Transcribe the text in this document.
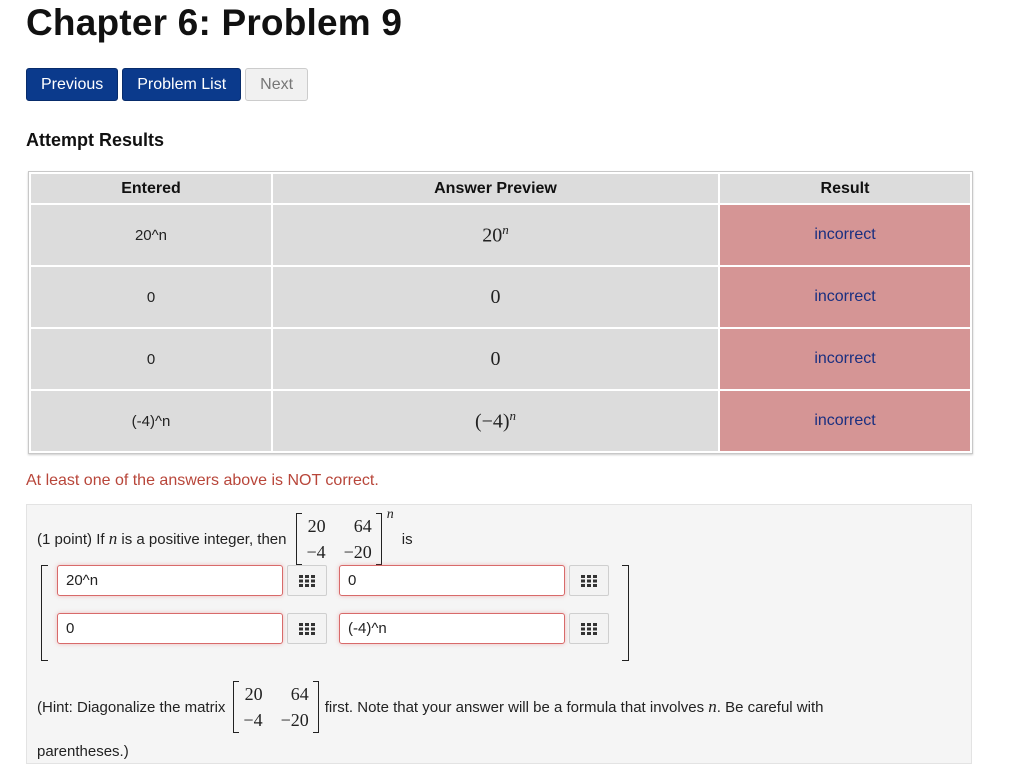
Chapter 6: Problem 9
Previous	Problem List	Next
Attempt Results
Entered	Answer Preview	Result
20^n	20$^n$	incorrect
0	0	incorrect
0	0	incorrect
(-4)^n	$(-4)^n$	incorrect
At least one of the answers above is NOT correct.
(1 point) If
n
is a positive integer, then
20	64
−4 −20
n
is
20^n	0
0	(-4)^n
(Hint: Diagonalize the matrix
20	64
−4 −20
first. Note that your answer will be a formula that involves
n . Be careful with
parentheses.)
